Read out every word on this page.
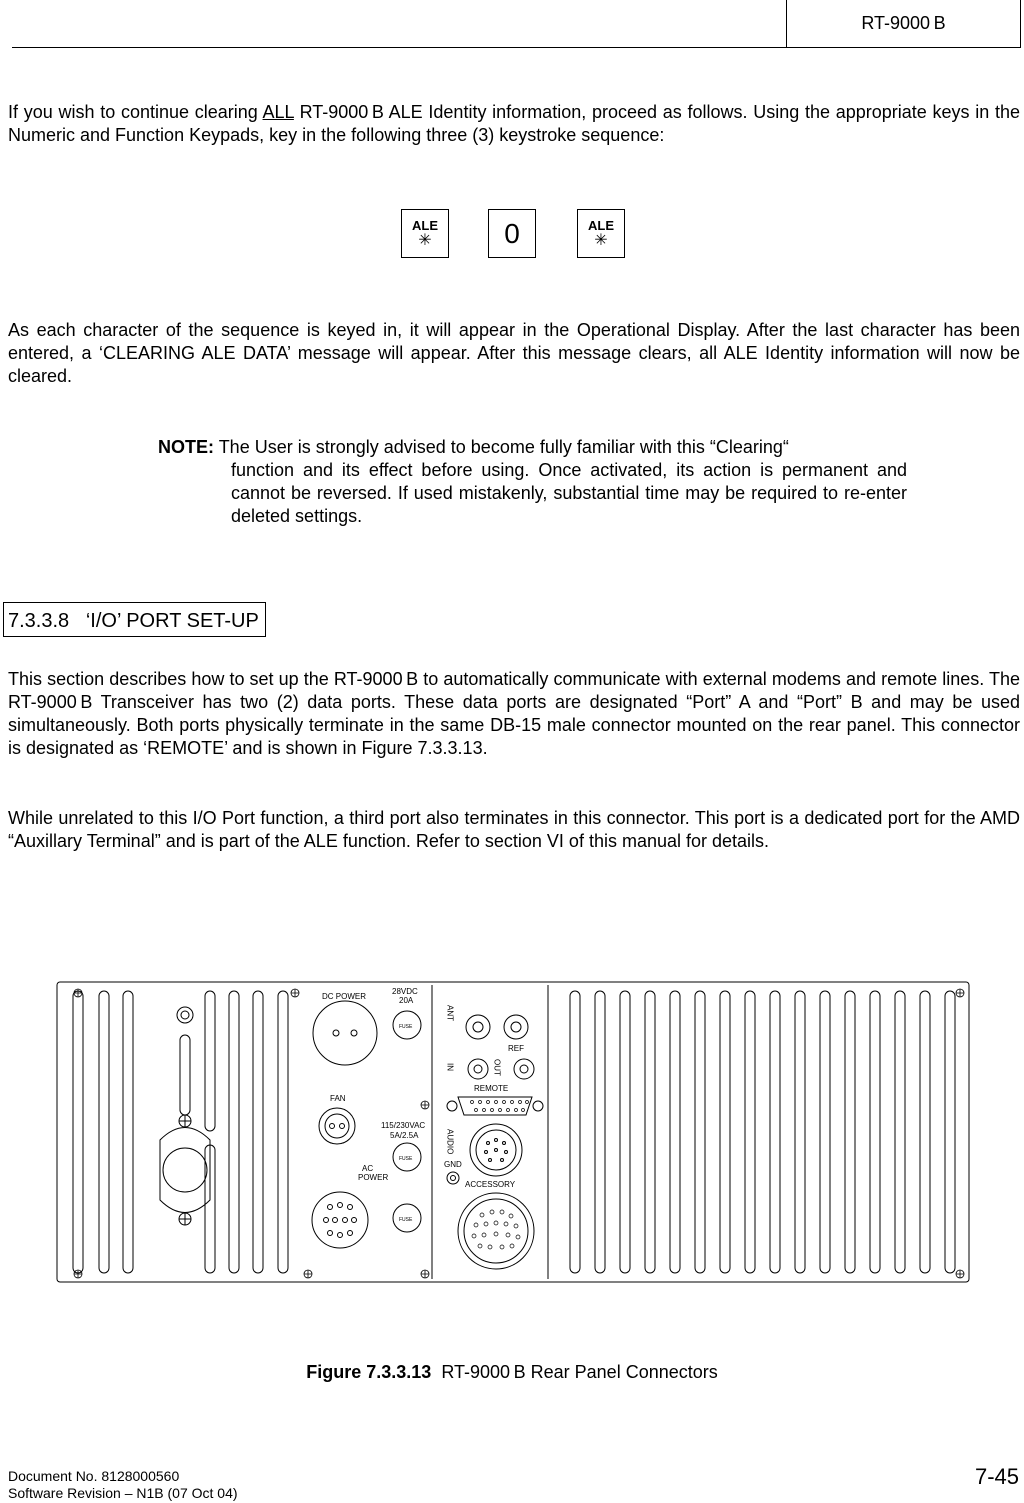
RT-9000 B
If you wish to continue clearing ALL RT-9000 B ALE Identity information, proceed as follows. Using the appropriate keys in the Numeric and Function Keypads, key in the following three (3) keystroke sequence:
ALE
✳	0	ALE
✳
As each character of the sequence is keyed in, it will appear in the Operational Display. After the last character has been entered, a ‘CLEARING ALE DATA’ message will appear. After this message clears, all ALE Identity information will now be cleared.
NOTE: The User is strongly advised to become fully familiar with this “Clearing“
function and its effect before using. Once activated, its action is permanent and cannot be reversed. If used mistakenly, substantial time may be required to re-enter deleted settings.
7.3.3.8 ‘I/O’ PORT SET-UP
This section describes how to set up the RT-9000 B to automatically communicate with external modems and remote lines. The RT-9000 B Transceiver has two (2) data ports. These data ports are designated “Port” A and “Port” B and may be used simultaneously. Both ports physically terminate in the same DB-15 male connector mounted on the rear panel. This connector is designated as ‘REMOTE’ and is shown in Figure 7.3.3.13.
While unrelated to this I/O Port function, a third port also terminates in this connector. This port is a dedicated port for the AMD “Auxillary Terminal” and is part of the ALE function. Refer to section VI of this manual for details.
DC POWER
28VDC
20A
FUSE
ANT
REF
IN	OUT
REMOTE
FAN
115/230VAC
5A/2.5A
FUSE
AUDIO
AC
POWER
GND
ACCESSORY
FUSE
Figure 7.3.3.13 RT-9000 B Rear Panel Connectors
Document No. 8128000560
Software Revision – N1B (07 Oct 04)
7-45
